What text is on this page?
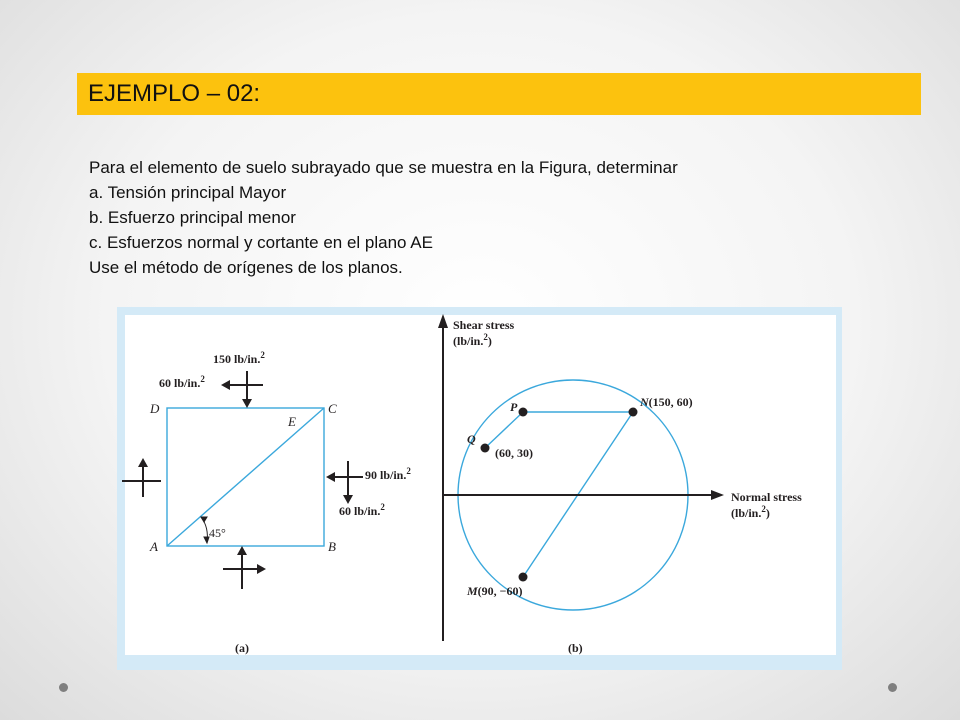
EJEMPLO – 02:
Para el elemento de suelo subrayado que se muestra en la Figura, determinar
a. Tensión principal Mayor
b. Esfuerzo principal menor
c. Esfuerzos normal y cortante en el plano AE
Use el método de orígenes de los planos.
D	C
A	B
E
45°
150 lb/in.$^2$
60 lb/in.$^2$
90 lb/in.$^2$
60 lb/in.$^2$
(a)
Shear stress
(lb/in.$^2$)
Normal stress
(lb/in.$^2$)
P
Q
(60, 30)
N(150, 60)
M(90, −60)
(b)
